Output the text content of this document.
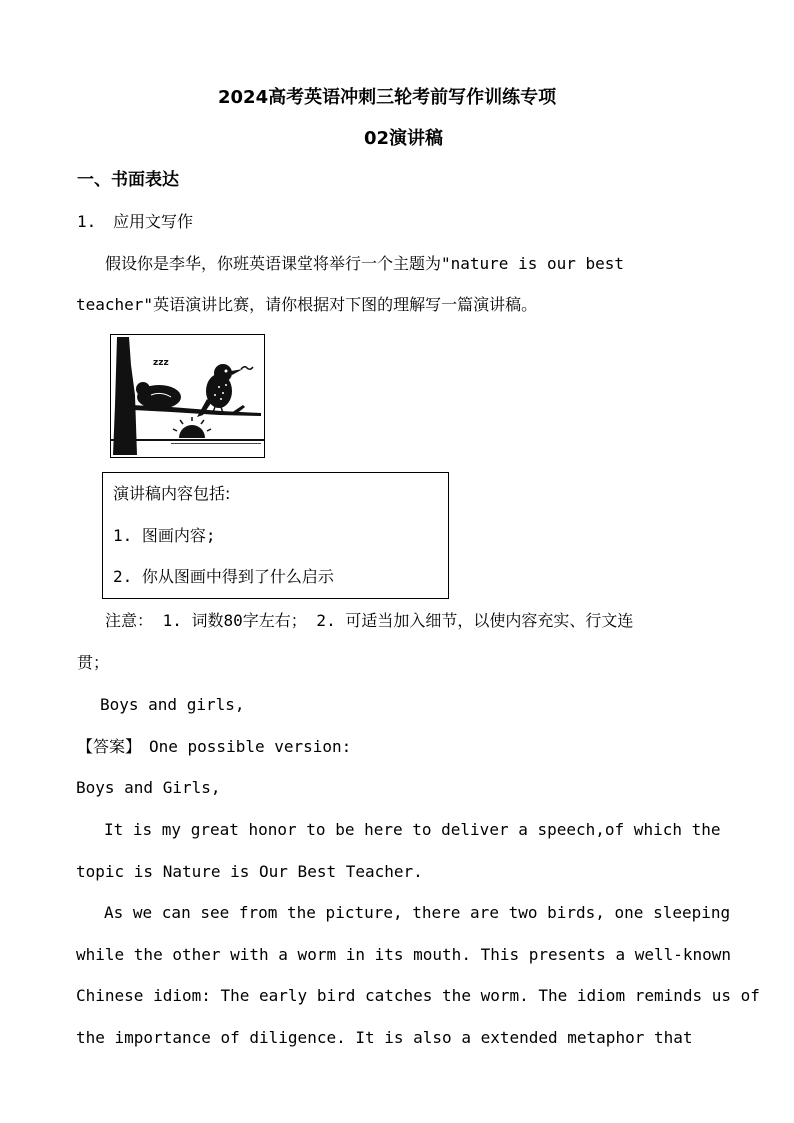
2024高考英语冲刺三轮考前写作训练专项
02演讲稿
一、书面表达
1. 应用文写作
假设你是李华，你班英语课堂将举行一个主题为"nature is our best
teacher"英语演讲比赛，请你根据对下图的理解写一篇演讲稿。
zzz
演讲稿内容包括:
1. 图画内容;
2. 你从图画中得到了什么启示
注意： 1. 词数80字左右； 2. 可适当加入细节，以使内容充实、行文连
贯；
Boys and girls,
【答案】 One possible version:
Boys and Girls,
It is my great honor to be here to deliver a speech,of which the
topic is Nature is Our Best Teacher.
As we can see from the picture, there are two birds, one sleeping
while the other with a worm in its mouth. This presents a well-known
Chinese idiom: The early bird catches the worm. The idiom reminds us of
the importance of diligence. It is also a extended metaphor that
